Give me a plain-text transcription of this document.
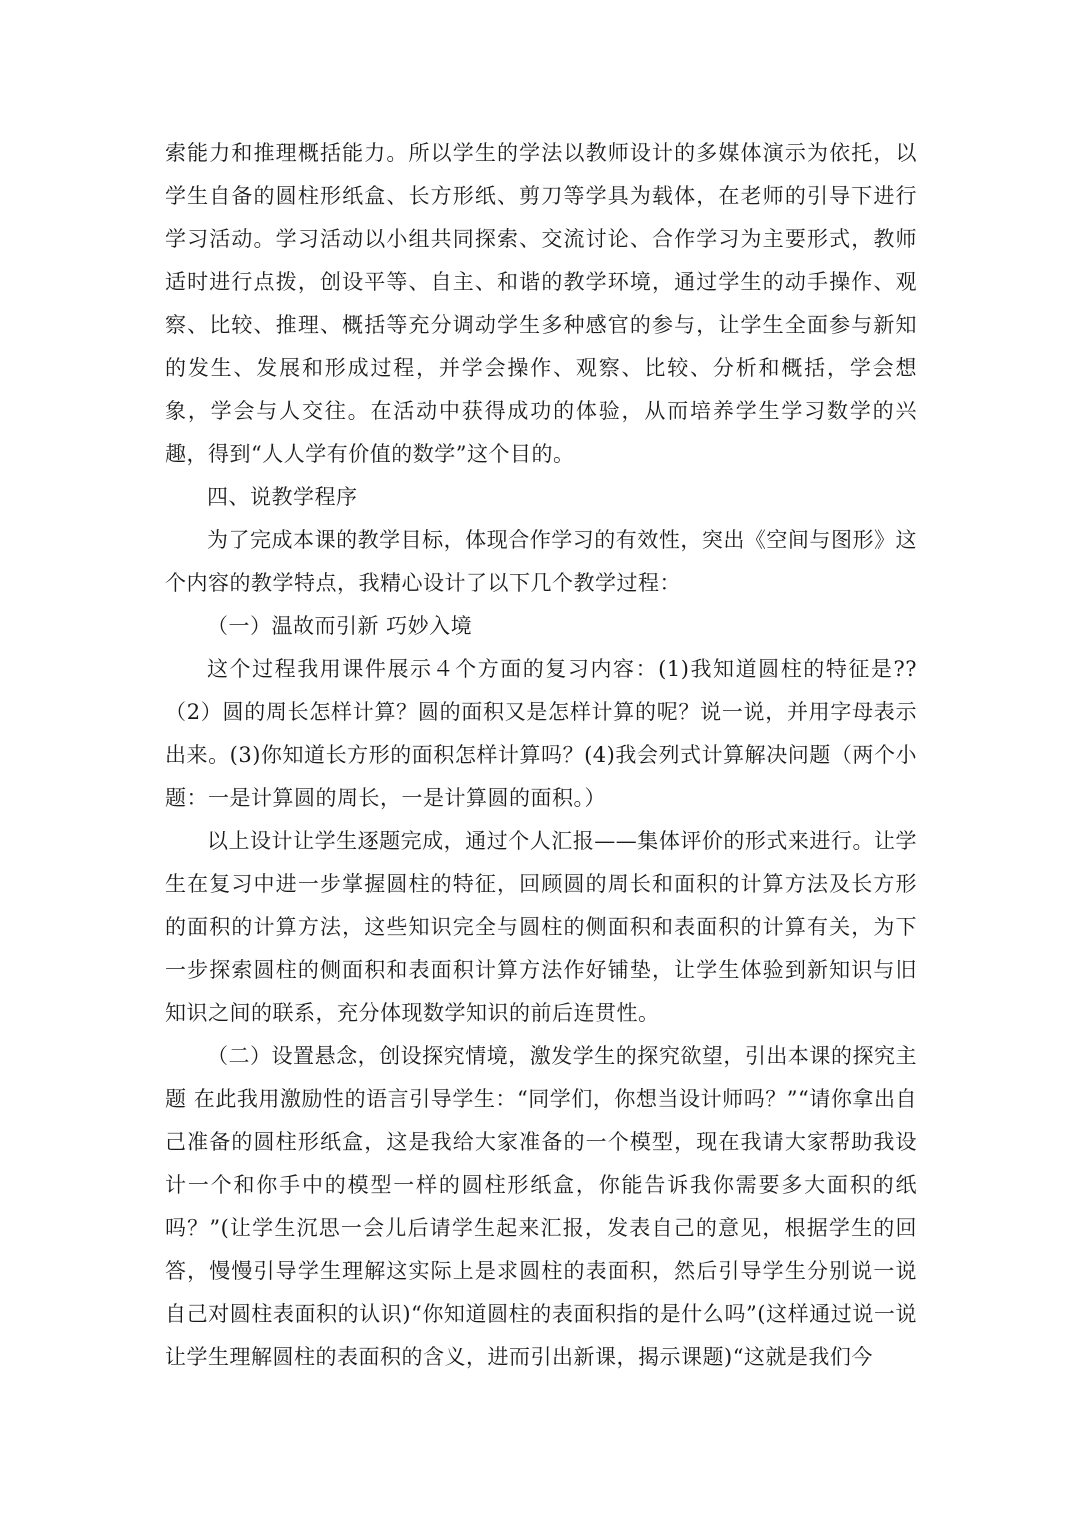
索能力和推理概括能力。所以学生的学法以教师设计的多媒体演示为依托，以学生自备的圆柱形纸盒、长方形纸、剪刀等学具为载体，在老师的引导下进行学习活动。学习活动以小组共同探索、交流讨论、合作学习为主要形式，教师适时进行点拨，创设平等、自主、和谐的教学环境，通过学生的动手操作、观察、比较、推理、概括等充分调动学生多种感官的参与，让学生全面参与新知的发生、发展和形成过程，并学会操作、观察、比较、分析和概括，学会想象，学会与人交往。在活动中获得成功的体验，从而培养学生学习数学的兴趣，得到“人人学有价值的数学”这个目的。

四、说教学程序

为了完成本课的教学目标，体现合作学习的有效性，突出《空间与图形》这个内容的教学特点，我精心设计了以下几个教学过程：

（一）温故而引新 巧妙入境

这个过程我用课件展示４个方面的复习内容：(1)我知道圆柱的特征是??（2）圆的周长怎样计算？圆的面积又是怎样计算的呢？说一说，并用字母表示出来。(3)你知道长方形的面积怎样计算吗？(4)我会列式计算解决问题（两个小题：一是计算圆的周长，一是计算圆的面积。）

以上设计让学生逐题完成，通过个人汇报——集体评价的形式来进行。让学生在复习中进一步掌握圆柱的特征，回顾圆的周长和面积的计算方法及长方形的面积的计算方法，这些知识完全与圆柱的侧面积和表面积的计算有关，为下一步探索圆柱的侧面积和表面积计算方法作好铺垫，让学生体验到新知识与旧知识之间的联系，充分体现数学知识的前后连贯性。

（二）设置悬念，创设探究情境，激发学生的探究欲望，引出本课的探究主题 在此我用激励性的语言引导学生：“同学们，你想当设计师吗？”“请你拿出自己准备的圆柱形纸盒，这是我给大家准备的一个模型，现在我请大家帮助我设计一个和你手中的模型一样的圆柱形纸盒，你能告诉我你需要多大面积的纸吗？”(让学生沉思一会儿后请学生起来汇报，发表自己的意见，根据学生的回答，慢慢引导学生理解这实际上是求圆柱的表面积，然后引导学生分别说一说自己对圆柱表面积的认识)“你知道圆柱的表面积指的是什么吗”(这样通过说一说让学生理解圆柱的表面积的含义，进而引出新课，揭示课题)“这就是我们今
